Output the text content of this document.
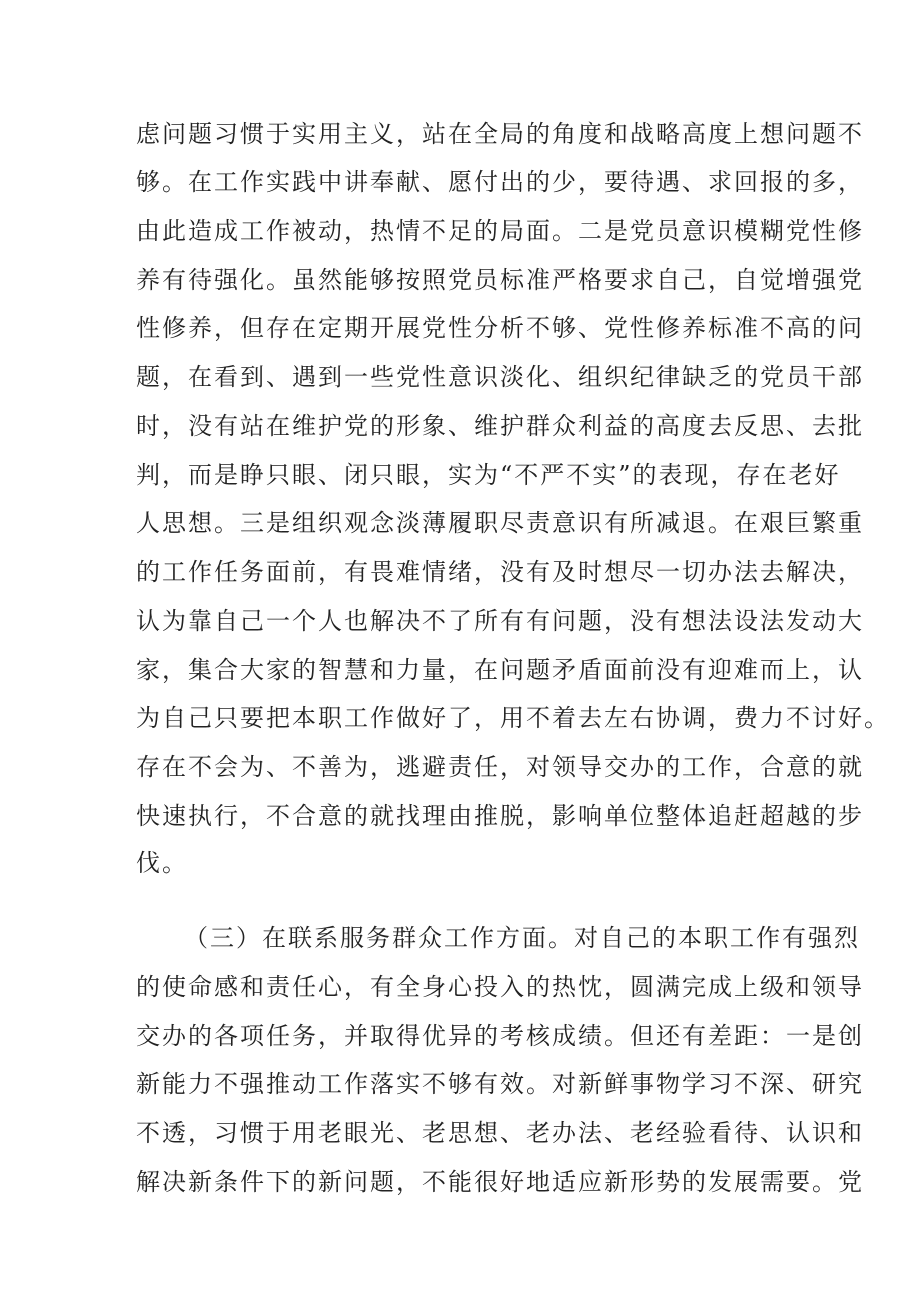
虑问题习惯于实用主义，站在全局的角度和战略高度上想问题不

够。在工作实践中讲奉献、愿付出的少，要待遇、求回报的多，

由此造成工作被动，热情不足的局面。二是党员意识模糊党性修

养有待强化。虽然能够按照党员标准严格要求自己，自觉增强党

性修养，但存在定期开展党性分析不够、党性修养标准不高的问

题，在看到、遇到一些党性意识淡化、组织纪律缺乏的党员干部

时，没有站在维护党的形象、维护群众利益的高度去反思、去批

判，而是睁只眼、闭只眼，实为“不严不实”的表现，存在老好

人思想。三是组织观念淡薄履职尽责意识有所减退。在艰巨繁重

的工作任务面前，有畏难情绪，没有及时想尽一切办法去解决，

认为靠自己一个人也解决不了所有有问题，没有想法设法发动大

家，集合大家的智慧和力量，在问题矛盾面前没有迎难而上，认

为自己只要把本职工作做好了，用不着去左右协调，费力不讨好。

存在不会为、不善为，逃避责任，对领导交办的工作，合意的就

快速执行，不合意的就找理由推脱，影响单位整体追赶超越的步

伐。

（三）在联系服务群众工作方面。对自己的本职工作有强烈

的使命感和责任心，有全身心投入的热忱，圆满完成上级和领导

交办的各项任务，并取得优异的考核成绩。但还有差距：一是创

新能力不强推动工作落实不够有效。对新鲜事物学习不深、研究

不透，习惯于用老眼光、老思想、老办法、老经验看待、认识和

解决新条件下的新问题，不能很好地适应新形势的发展需要。党
